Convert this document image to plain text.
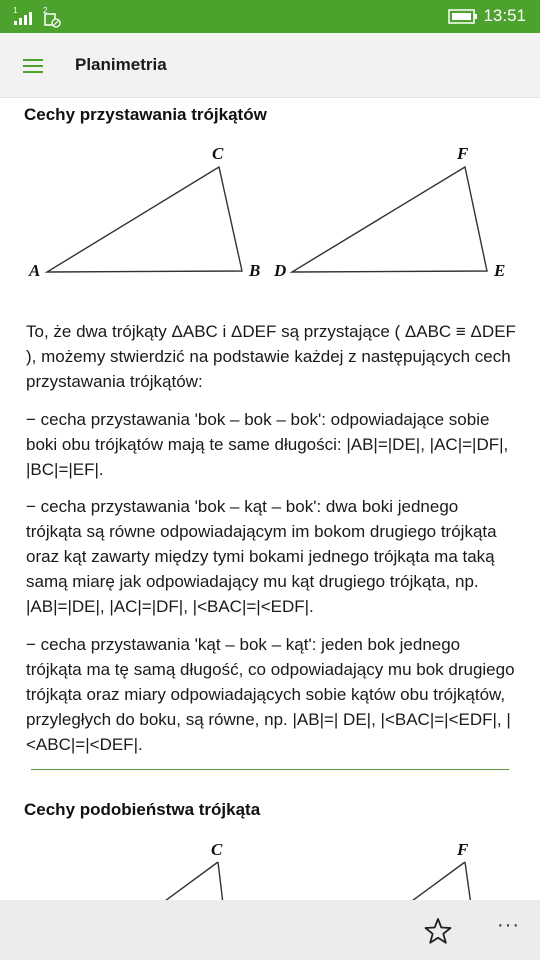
1	2	13:51
Planimetria
Cechy przystawania trójkątów
A	B
C
D	E
F

To, że dwa trójkąty ΔABC i ΔDEF są przystające ( ΔABC ≡ ΔDEF ), możemy stwierdzić na podstawie każdej z następujących cech przystawania trójkątów:

− cecha przystawania 'bok – bok – bok': odpowiadające sobie boki obu trójkątów mają te same długości: |AB|=|DE|, |AC|=|DF|, |BC|=|EF|.

− cecha przystawania 'bok – kąt – bok': dwa boki jednego trójkąta są równe odpowiadającym im bokom drugiego trójkąta oraz kąt zawarty między tymi bokami jednego trójkąta ma taką samą miarę jak odpowiadający mu kąt drugiego trójkąta, np. |AB|=|DE|, |AC|=|DF|, |<BAC|=|<EDF|.

− cecha przystawania 'kąt – bok – kąt': jeden bok jednego trójkąta ma tę samą długość, co odpowiadający mu bok drugiego trójkąta oraz miary odpowiadających sobie kątów obu trójkątów, przyległych do boku, są równe, np. |AB|=| DE|, |<BAC|=|<EDF|, |<ABC|=|<DEF|.

Cechy podobieństwa trójkąta
C	F
···
